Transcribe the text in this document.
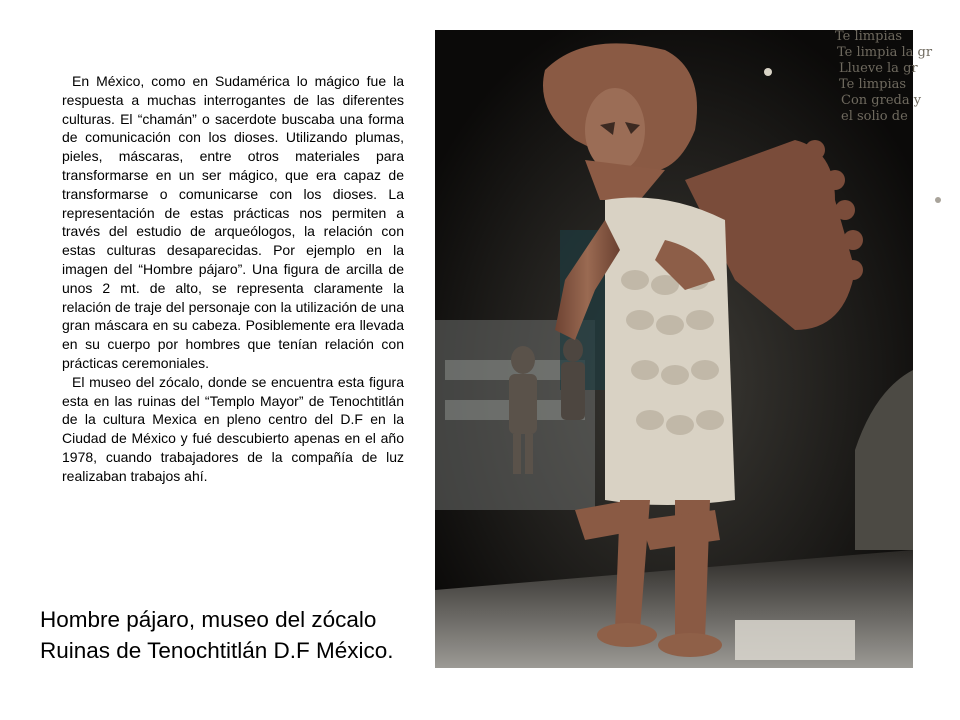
En México, como en Sudamérica lo mágico fue la respuesta a muchas interrogantes de las diferentes culturas. El “chamán” o sacerdote buscaba una forma de comunicación con los dioses. Utilizando plumas, pieles, máscaras, entre otros materiales para transformarse en un ser mágico, que era capaz de transformarse o comunicarse con los dioses. La representación de estas prácticas nos permiten a través del estudio de arqueólogos, la relación con estas culturas desaparecidas. Por ejemplo en la imagen del “Hombre pájaro”. Una figura de arcilla de unos 2 mt. de alto, se representa claramente la relación de traje del personaje con la utilización de una gran máscara en su cabeza. Posiblemente era llevada en su cuerpo por hombres que tenían relación con prácticas ceremoniales.

El museo del zócalo, donde se encuentra esta figura esta en las ruinas del “Templo Mayor” de Tenochtitlán de la cultura Mexica en pleno centro del D.F en la Ciudad de México y fué descubierto apenas en el año 1978, cuando trabajadores de la compañía de luz realizaban trabajos ahí.

Hombre pájaro, museo del zócalo
Ruinas de Tenochtitlán D.F México.
Te limpias
Te limpia la gr
Llueve la gr
Te limpias
Con greda y
el solio de
